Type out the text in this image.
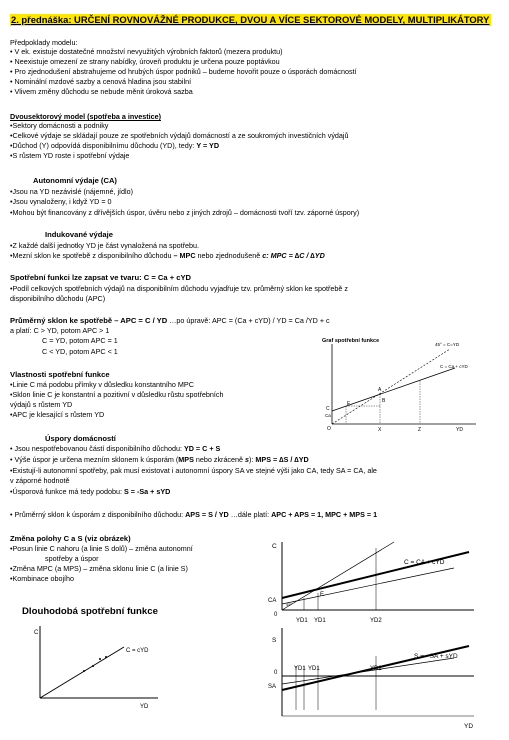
2. přednáška: URČENÍ ROVNOVÁŽNÉ PRODUKCE, DVOU A VÍCE SEKTOROVÉ MODELY, MULTIPLIKÁTORY
Předpoklady modelu:
• V ek. existuje dostatečné množství nevyužitých výrobních faktorů (mezera produktu)
• Neexistuje omezení ze strany nabídky, úroveň produktu je určena pouze poptávkou
• Pro zjednodušení abstrahujeme od hrubých úspor podniků – budeme hovořit pouze o úsporách domácností
• Nominální mzdové sazby a cenová hladina jsou stabilní
• Vlivem změny důchodu se nebude měnit úroková sazba
Dvousektorový model (spotřeba a investice)
•Sektory domácnosti a podniky
•Celkové výdaje se skládají pouze ze spotřebních výdajů domácností a ze soukromých investičních výdajů
•Důchod (Y) odpovídá disponibilnímu důchodu (YD), tedy: Y = YD
•S růstem YD roste i spotřební výdaje
Autonomní výdaje (CA)
•Jsou na YD nezávislé (nájemné, jídlo)
•Jsou vynaloženy, i když YD = 0
•Mohou být financovány z dřívějších úspor, úvěru nebo z jiných zdrojů – domácnosti tvoří tzv. záporné úspory)
Indukované výdaje
•Z každé další jednotky YD je část vynaložená na spotřebu.
•Mezní sklon ke spotřebě z disponibilního důchodu – MPC nebo zjednodušeně c: MPC = ∆C / ∆YD
Spotřební funkci lze zapsat ve tvaru: C = Ca + cYD
•Podíl celkových spotřebních výdajů na disponibilním důchodu vyjadřuje tzv. průměrný sklon ke spotřebě z
disponibilního důchodu (APC)
Průměrný sklon ke spotřebě – APC = C / YD …po úpravě: APC = (Ca + cYD) / YD = Ca /YD + c
a platí: C > YD, potom APC > 1
C = YD, potom APC = 1
C < YD, potom APC < 1
Vlastnosti spotřební funkce
•Linie C má podobu přímky v důsledku konstantního MPC
•Sklon linie C je konstantní a pozitivní v důsledku růstu spotřebních
výdajů s růstem YD
•APC je klesající s růstem YD
Úspory domácností
• Jsou nespotřebovanou částí disponibilního důchodu: YD = C + S
• Výše úspor je určena mezním sklonem k úsporám (MPS nebo zkráceně s): MPS = ∆S / ∆YD
•Existují-li autonomní spotřeby, pak musí existovat i autonomní úspory SA ve stejné výši jako CA, tedy SA = CA, ale
v záporné hodnotě
•Úsporová funkce má tedy podobu: S = -Sa + sYD
• Průměrný sklon k úsporám z disponibilního důchodu: APS = S / YD …dále platí: APC + APS = 1, MPC + MPS = 1
Změna polohy C a S (viz obrázek)
•Posun linie C nahoru (a linie S dolů) – změna autonomní
spotřeby a úspor
•Změna MPC (a MPS) – změna sklonu linie C (a linie S)
•Kombinace obojího
Dlouhodobá spotřební funkce
C
C = cYD
YD
Graf spotřební funkce
45° = C=YD
C = Ca + cYD
C
Ca
O
A
B
E
X	Z	YD
C
C = CA + cYD
CA
E
45°
0
YD1 YD1	YD2
S
0
SA
S = - SA + sYD
YD1 YD1	YD2
YD
